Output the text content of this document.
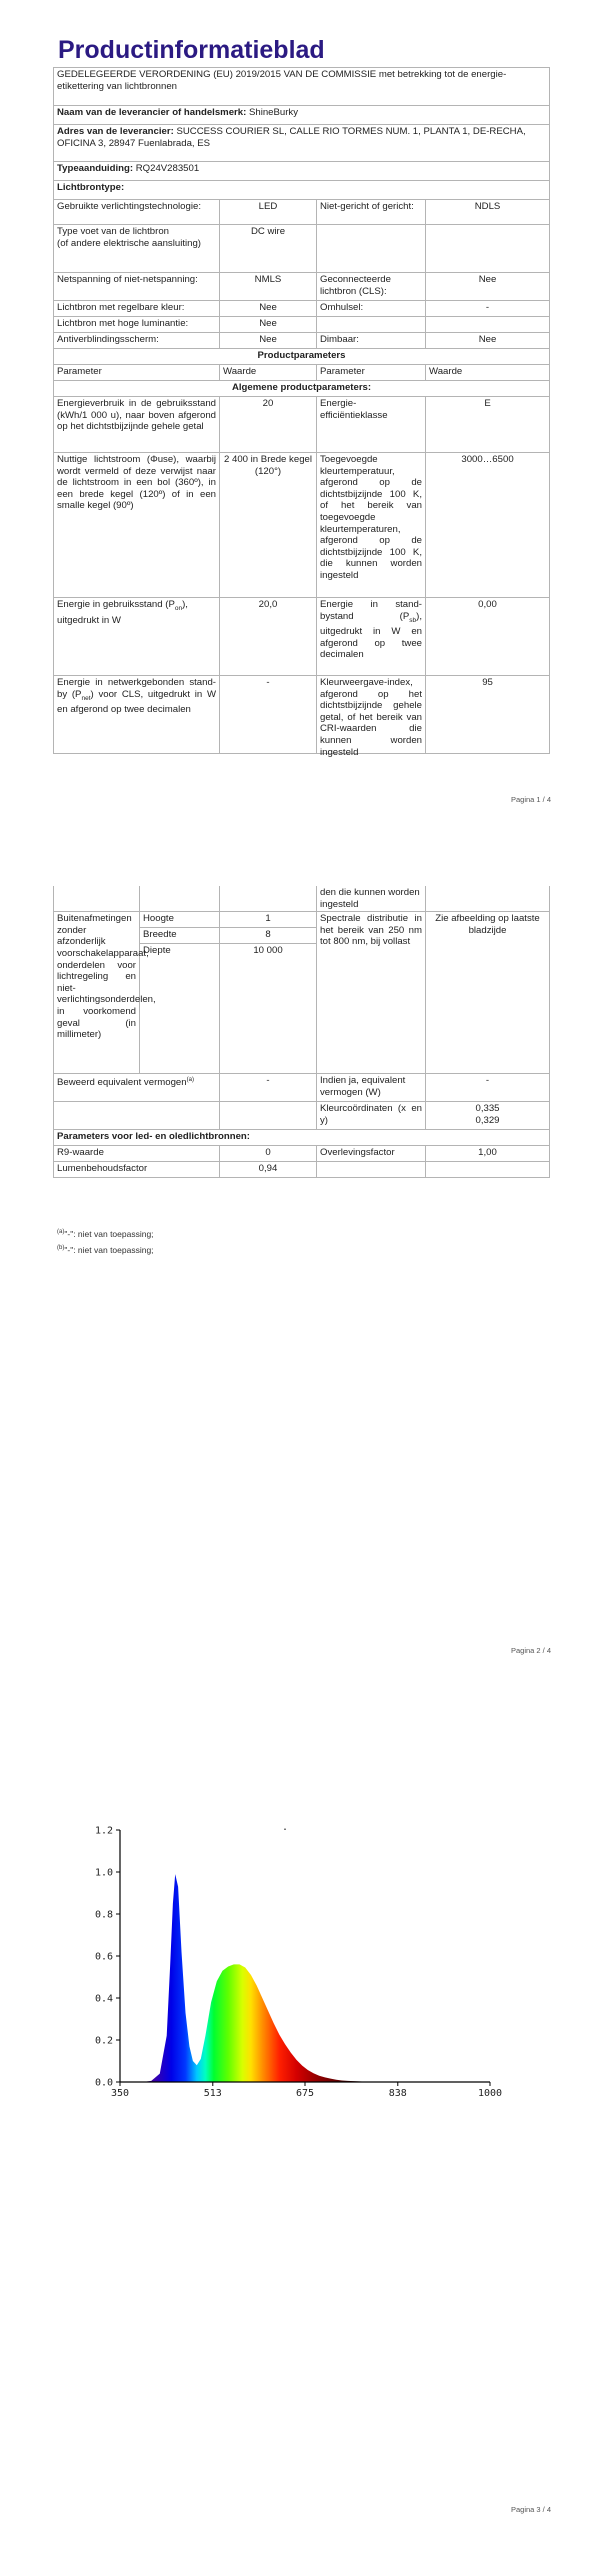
Productinformatieblad
GEDELEGEERDE VERORDENING (EU) 2019/2015 VAN DE COMMISSIE met betrekking tot de energie-etikettering van lichtbronnen			
Naam van de leverancier of handelsmerk: ShineBurky			
Adres van de leverancier: SUCCESS COURIER SL, CALLE RIO TORMES NUM. 1, PLANTA 1, DE-RECHA, OFICINA 3, 28947 Fuenlabrada, ES			
Typeaanduiding: RQ24V283501			
Lichtbrontype:			
Gebruikte verlichtingstechnologie:	LED	Niet-gericht of gericht:	NDLS

Type voet van de lichtbron
(of andere elektrische aansluiting)	DC wire		
Netspanning of niet-netspanning:	NMLS	Geconnecteerde lichtbron (CLS):	Nee
Lichtbron met regelbare kleur:	Nee	Omhulsel:	-
Lichtbron met hoge luminantie:	Nee		
Antiverblindingsscherm:	Nee	Dimbaar:	Nee
Productparameters			
Parameter	Waarde	Parameter	Waarde
Algemene productparameters:			
Energieverbruik in de gebruiksstand (kWh/1 000 u), naar boven afgerond op het dichtstbijzijnde gehele getal	20	Energie-efficiëntieklasse	E
Nuttige lichtstroom (Φuse), waarbij wordt vermeld of deze verwijst naar de lichtstroom in een bol (360º), in een brede kegel (120º) of in een smalle kegel (90º)	2 400 in Brede kegel (120°)	Toegevoegde kleurtemperatuur, afgerond op de dichtstbijzijnde 100 K, of het bereik van toegevoegde kleurtemperaturen, afgerond op de dichtstbijzijnde 100 K, die kunnen worden ingesteld	3000…6500
Energie in gebruiksstand $(P_{on})$, uitgedrukt in W	20,0	Energie in stand-bystand $(P_{sb})$, uitgedrukt in W en afgerond op twee decimalen	0,00

Energie in netwerkgebonden stand-by $(P_{net})$ voor CLS, uitgedrukt in W en afgerond op twee decimalen	-	Kleurweergave-index, afgerond op het dichtstbijzijnde gehele getal, of het bereik van CRI-waarden die kunnen worden ingesteld	95
Pagina 1 / 4
			den die kunnen worden ingesteld	
Buitenafmetingen zonder afzonderlijk voorschakelapparaat, onderdelen voor lichtregeling en niet-verlichtingsonderdelen, in voorkomend geval (in millimeter)	Hoogte	1	Spectrale distributie in het bereik van 250 nm tot 800 nm, bij vollast	Zie afbeelding op laatste bladzijde
	Breedte	8		
	Diepte	10 000		
Beweerd equivalent vermogen$^{(a)}$		-	Indien ja, equivalent vermogen (W)	-
			Kleurcoördinaten (x en y)	0,335
0,329

Parameters voor led- en oledlichtbronnen:				
R9-waarde		0	Overlevingsfactor	1,00
Lumenbehoudsfactor		0,94		
$^{(a)}$"-": niet van toepassing;
$^{(b)}$"-": niet van toepassing;
Pagina 2 / 4
0.0
0.2
0.4
0.6
0.8
1.0
1.2
350	513	675	838	1000
.
Pagina 3 / 4
